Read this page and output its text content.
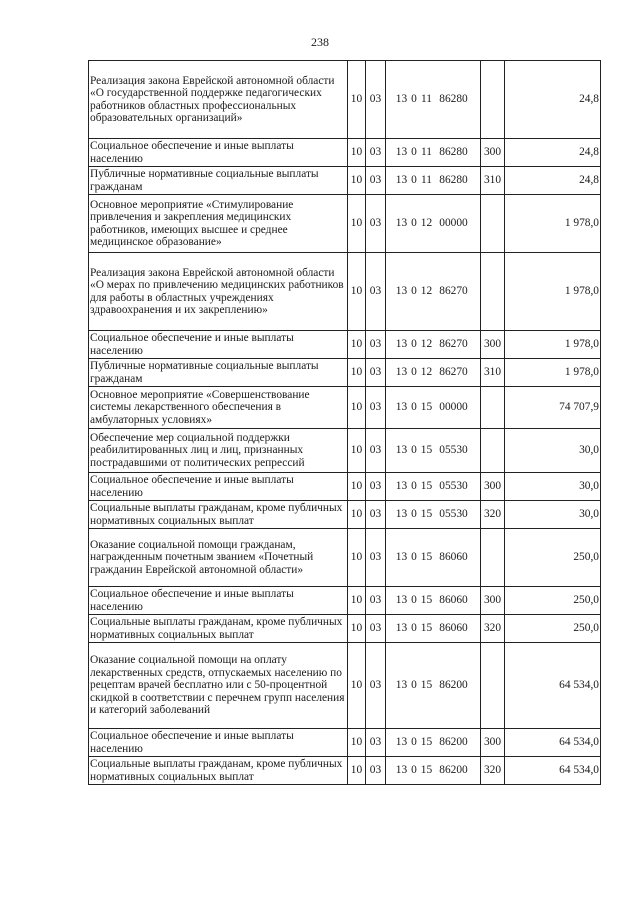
238
Реализация закона Еврейской автономной области «О государственной поддержке педагогических работников областных профессиональных образовательных организаций»	10	03	13 0 11 86280		24,8
Социальное обеспечение и иные выплаты населению	10	03	13 0 11 86280	300	24,8
Публичные нормативные социальные выплаты гражданам	10	03	13 0 11 86280	310	24,8
Основное мероприятие «Стимулирование привлечения и закрепления медицинских работников, имеющих высшее и среднее медицинское образование»	10	03	13 0 12 00000		1 978,0
Реализация закона Еврейской автономной области «О мерах по привлечению медицинских работников для работы в областных учреждениях здравоохранения и их закреплению»	10	03	13 0 12 86270		1 978,0
Социальное обеспечение и иные выплаты населению	10	03	13 0 12 86270	300	1 978,0
Публичные нормативные социальные выплаты гражданам	10	03	13 0 12 86270	310	1 978,0
Основное мероприятие «Совершенствование системы лекарственного обеспечения в амбулаторных условиях»	10	03	13 0 15 00000		74 707,9
Обеспечение мер социальной поддержки реабилитированных лиц и лиц, признанных пострадавшими от политических репрессий	10	03	13 0 15 05530		30,0
Социальное обеспечение и иные выплаты населению	10	03	13 0 15 05530	300	30,0
Социальные выплаты гражданам, кроме публичных нормативных социальных выплат	10	03	13 0 15 05530	320	30,0
Оказание социальной помощи гражданам, награжденным почетным званием «Почетный гражданин Еврейской автономной области»	10	03	13 0 15 86060		250,0
Социальное обеспечение и иные выплаты населению	10	03	13 0 15 86060	300	250,0
Социальные выплаты гражданам, кроме публичных нормативных социальных выплат	10	03	13 0 15 86060	320	250,0
Оказание социальной помощи на оплату лекарственных средств, отпускаемых населению по рецептам врачей бесплатно или с 50-процентной скидкой в соответствии с перечнем групп населения и категорий заболеваний	10	03	13 0 15 86200		64 534,0
Социальное обеспечение и иные выплаты населению	10	03	13 0 15 86200	300	64 534,0
Социальные выплаты гражданам, кроме публичных нормативных социальных выплат	10	03	13 0 15 86200	320	64 534,0
